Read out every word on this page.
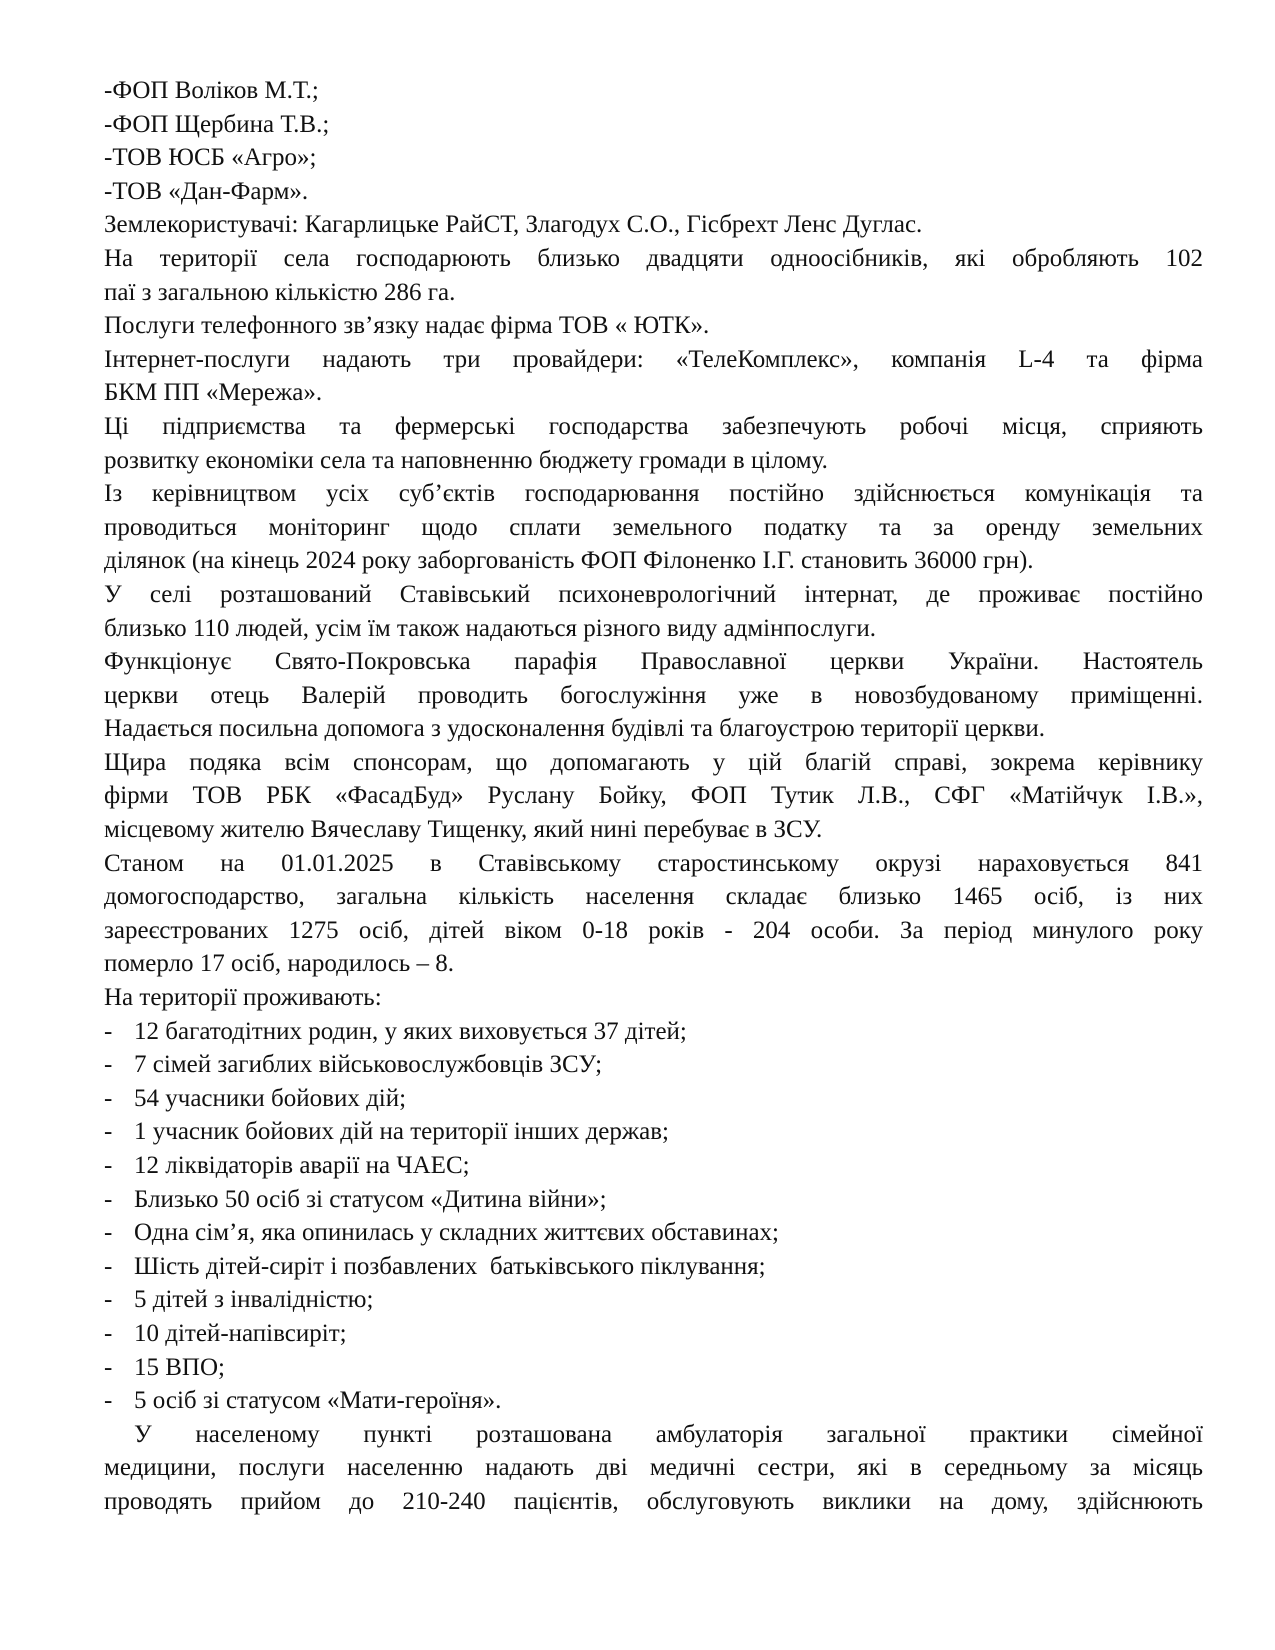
-ФОП Воліков М.Т.;
-ФОП Щербина Т.В.;
-ТОВ ЮСБ «Агро»;
-ТОВ «Дан-Фарм».
Землекористувачі: Кагарлицьке РайСТ, Злагодух С.О., Гісбрехт Ленс Дуглас.
На території села господарюють близько двадцяти одноосібників, які обробляють 102
паї з загальною кількістю 286 га.
Послуги телефонного зв’язку надає фірма ТОВ « ЮТК».
Інтернет-послуги надають три провайдери: «ТелеКомплекс», компанія L-4 та фірма
БКМ ПП «Мережа».
Ці підприємства та фермерські господарства забезпечують робочі місця, сприяють
розвитку економіки села та наповненню бюджету громади в цілому.
Із керівництвом усіх суб’єктів господарювання постійно здійснюється комунікація та
проводиться моніторинг щодо сплати земельного податку та за оренду земельних
ділянок (на кінець 2024 року заборгованість ФОП Філоненко І.Г. становить 36000 грн).
У селі розташований Ставівський психоневрологічний інтернат, де проживає постійно
близько 110 людей, усім їм також надаються різного виду адмінпослуги.
Функціонує Свято-Покровська парафія Православної церкви України. Настоятель
церкви отець Валерій проводить богослужіння уже в новозбудованому приміщенні.
Надається посильна допомога з удосконалення будівлі та благоустрою території церкви.
Щира подяка всім спонсорам, що допомагають у цій благій справі, зокрема керівнику
фірми ТОВ РБК «ФасадБуд» Руслану Бойку, ФОП Тутик Л.В., СФГ «Матійчук І.В.»,
місцевому жителю Вячеславу Тищенку, який нині перебуває в ЗСУ.
Станом на 01.01.2025 в Ставівському старостинському окрузі нараховується 841
домогосподарство, загальна кількість населення складає близько 1465 осіб, із них
зареєстрованих 1275 осіб, дітей віком 0-18 років - 204 особи. За період минулого року
померло 17 осіб, народилось – 8.
На території проживають:
- 12 багатодітних родин, у яких виховується 37 дітей;
- 7 сімей загиблих військовослужбовців ЗСУ;
- 54 учасники бойових дій;
- 1 учасник бойових дій на території інших держав;
- 12 ліквідаторів аварії на ЧАЕС;
- Близько 50 осіб зі статусом «Дитина війни»;
- Одна сім’я, яка опинилась у складних життєвих обставинах;
- Шість дітей-сиріт і позбавлених  батьківського піклування;
- 5 дітей з інвалідністю;
- 10 дітей-напівсиріт;
- 15 ВПО;
- 5 осіб зі статусом «Мати-героїня».
У населеному пункті розташована амбулаторія загальної практики сімейної
медицини, послуги населенню надають дві медичні сестри, які в середньому за місяць
проводять прийом до 210-240 пацієнтів, обслуговують виклики на дому, здійснюють
